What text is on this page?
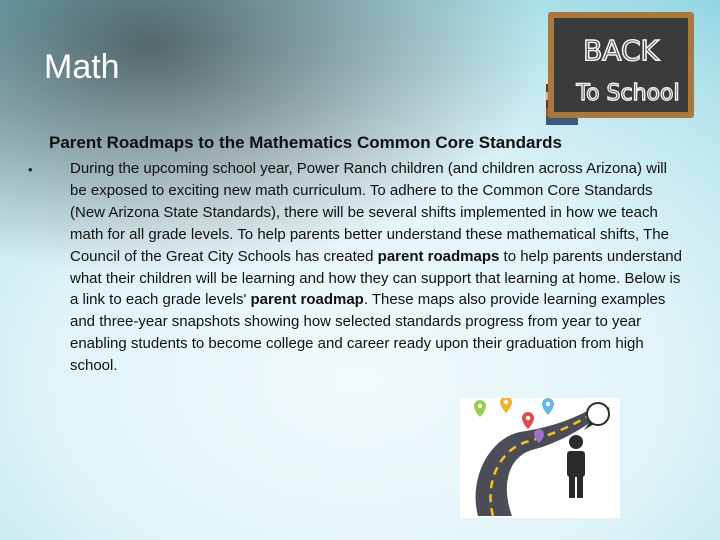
Math	BACK
To School
Parent Roadmaps to the Mathematics Common Core Standards
• During the upcoming school year, Power Ranch children (and children across Arizona) will be exposed to exciting new math curriculum. To adhere to the Common Core Standards (New Arizona State Standards), there will be several shifts implemented in how we teach math for all grade levels. To help parents better understand these mathematical shifts, The Council of the Great City Schools has created parent roadmaps to help parents understand what their children will be learning and how they can support that learning at home. Below is a link to each grade levels' parent roadmap. These maps also provide learning examples and three-year snapshots showing how selected standards progress from year to year enabling students to become college and career ready upon their graduation from high school.
